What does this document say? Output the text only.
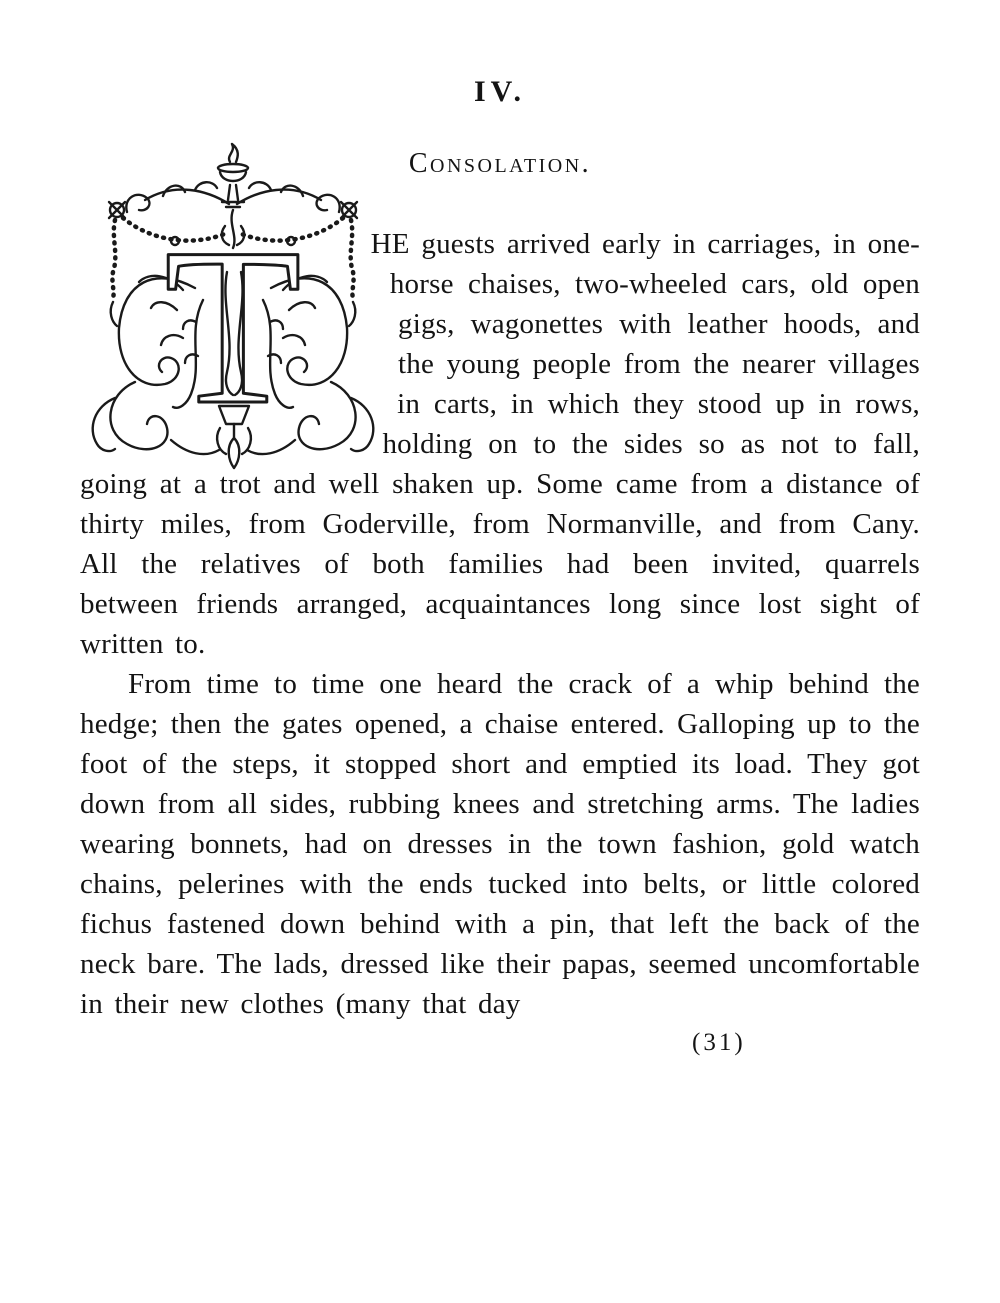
IV.
Consolation.
T	HE guests arrived early in carriages, in one-horse chaises, two-wheeled cars, old open gigs, wagonettes with leather hoods, and the young people from the nearer villages in carts, in which they stood up in rows, holding on to the sides so as not to fall, going at a trot and well shaken up. Some came from a distance of thirty miles, from Goderville, from Normanville, and from Cany. All the relatives of both families had been invited, quarrels between friends arranged, acquaintances long since lost sight of written to.

From time to time one heard the crack of a whip behind the hedge; then the gates opened, a chaise entered. Galloping up to the foot of the steps, it stopped short and emptied its load. They got down from all sides, rubbing knees and stretching arms. The ladies wearing bonnets, had on dresses in the town fashion, gold watch chains, pelerines with the ends tucked into belts, or little colored fichus fastened down behind with a pin, that left the back of the neck bare. The lads, dressed like their papas, seemed uncomfortable in their new clothes (many that day

(31)
